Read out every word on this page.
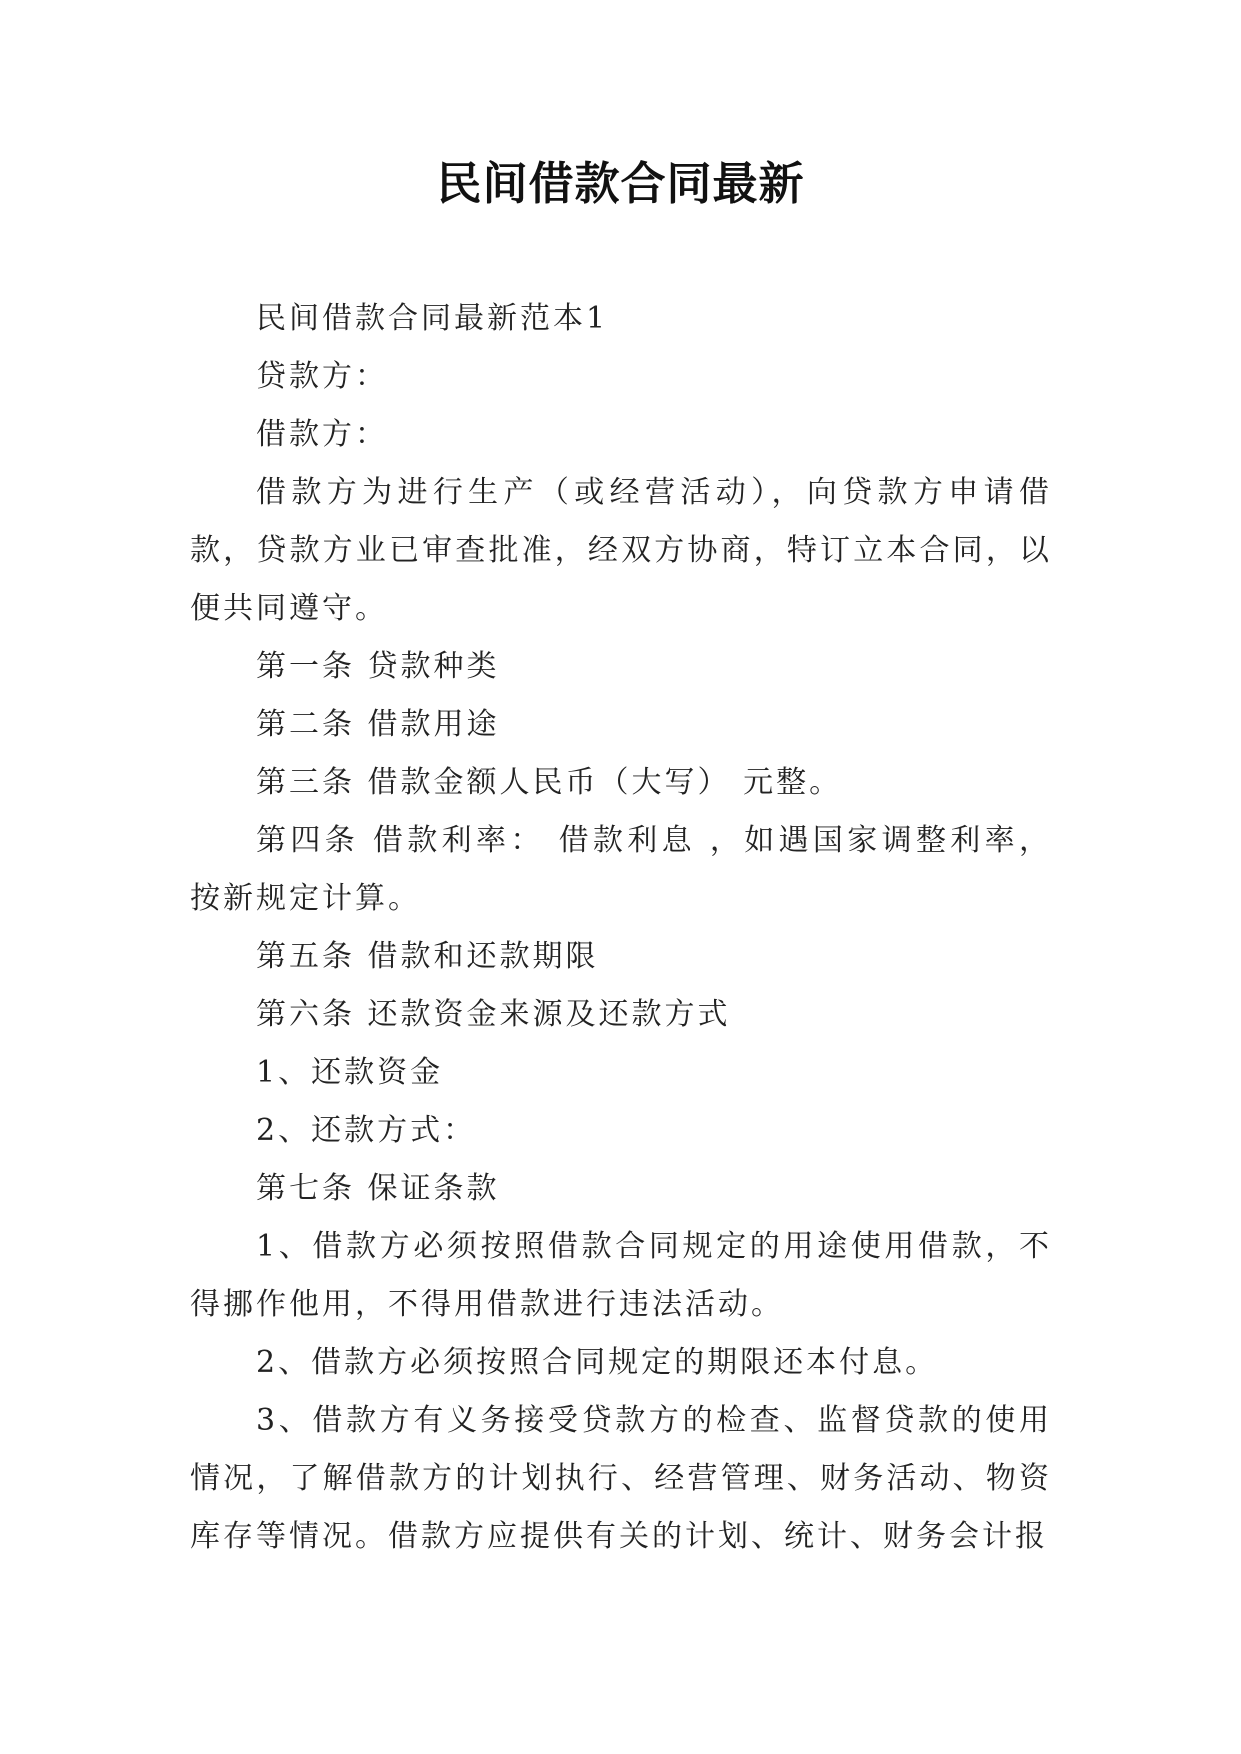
民间借款合同最新

民间借款合同最新范本1

贷款方：

借款方：

借款方为进行生产（或经营活动），向贷款方申请借款，贷款方业已审查批准，经双方协商，特订立本合同，以便共同遵守。

第一条 贷款种类

第二条 借款用途

第三条 借款金额人民币（大写） 元整。

第四条 借款利率： 借款利息 ，如遇国家调整利率，按新规定计算。

第五条 借款和还款期限

第六条 还款资金来源及还款方式

1、还款资金

2、还款方式：

第七条 保证条款

1、借款方必须按照借款合同规定的用途使用借款，不得挪作他用，不得用借款进行违法活动。

2、借款方必须按照合同规定的期限还本付息。

3、借款方有义务接受贷款方的检查、监督贷款的使用情况，了解借款方的计划执行、经营管理、财务活动、物资库存等情况。借款方应提供有关的计划、统计、财务会计报
